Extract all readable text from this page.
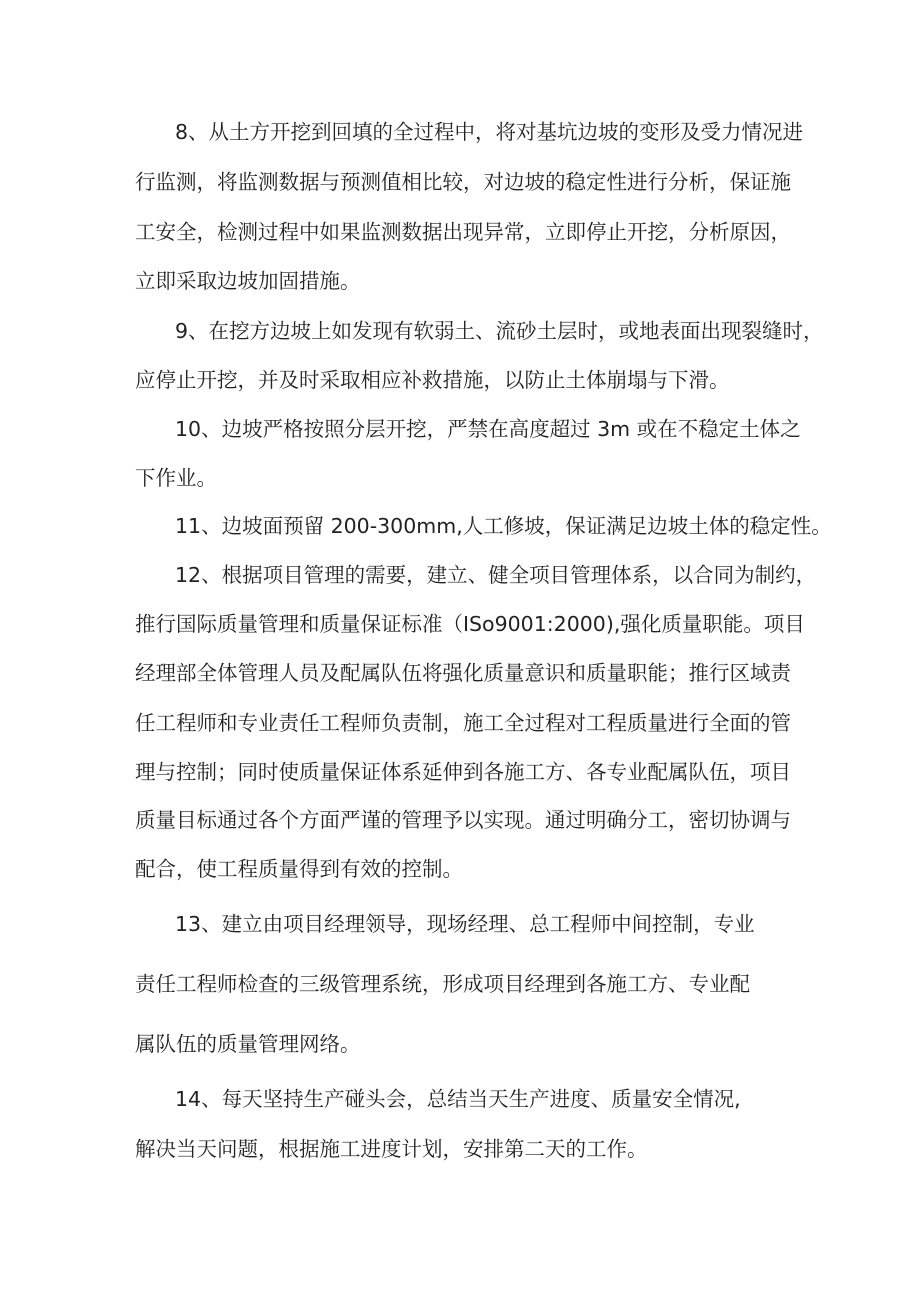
8、从土方开挖到回填的全过程中，将对基坑边坡的变形及受力情况进
行监测，将监测数据与预测值相比较，对边坡的稳定性进行分析，保证施
工安全，检测过程中如果监测数据出现异常，立即停止开挖，分析原因，
立即采取边坡加固措施。
9、在挖方边坡上如发现有软弱土、流砂土层时，或地表面出现裂缝时，
应停止开挖，并及时采取相应补救措施，以防止土体崩塌与下滑。
10、边坡严格按照分层开挖，严禁在高度超过 3m 或在不稳定土体之
下作业。
11、边坡面预留 200-300mm,人工修坡，保证满足边坡土体的稳定性。
12、根据项目管理的需要，建立、健全项目管理体系，以合同为制约，
推行国际质量管理和质量保证标准（ISo9001:2000),强化质量职能。项目
经理部全体管理人员及配属队伍将强化质量意识和质量职能；推行区域责
任工程师和专业责任工程师负责制，施工全过程对工程质量进行全面的管
理与控制；同时使质量保证体系延伸到各施工方、各专业配属队伍，项目
质量目标通过各个方面严谨的管理予以实现。通过明确分工，密切协调与
配合，使工程质量得到有效的控制。
13、建立由项目经理领导，现场经理、总工程师中间控制，专业
责任工程师检查的三级管理系统，形成项目经理到各施工方、专业配
属队伍的质量管理网络。
14、每天坚持生产碰头会，总结当天生产进度、质量安全情况,
解决当天问题，根据施工进度计划，安排第二天的工作。
